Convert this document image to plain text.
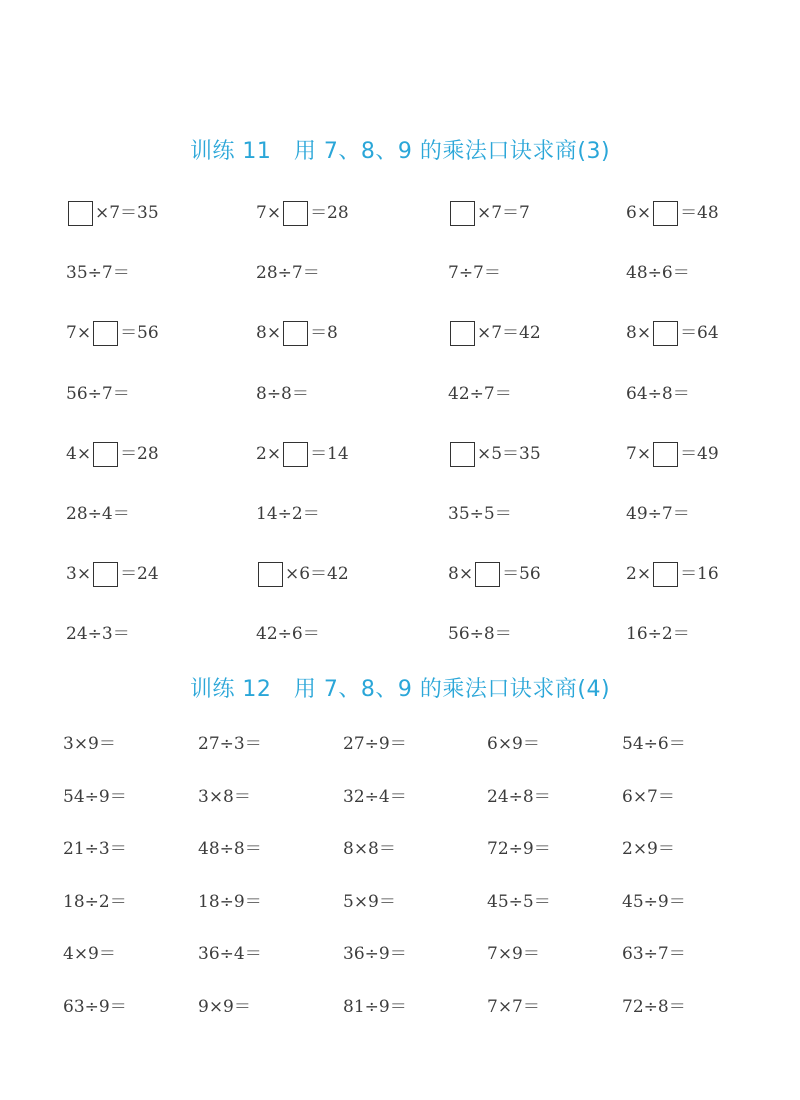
训练 11   用 7、8、9 的乘法口诀求商(3)
×7＝35	7× ＝28	×7＝7	6× ＝48
35÷7＝	28÷7＝	7÷7＝	48÷6＝
7× ＝56	8× ＝8	×7＝42	8× ＝64
56÷7＝	8÷8＝	42÷7＝	64÷8＝
4× ＝28	2× ＝14	×5＝35	7× ＝49
28÷4＝	14÷2＝	35÷5＝	49÷7＝
3× ＝24	×6＝42	8× ＝56	2× ＝16
24÷3＝	42÷6＝	56÷8＝	16÷2＝
训练 12   用 7、8、9 的乘法口诀求商(4)
3×9＝	27÷3＝	27÷9＝	6×9＝	54÷6＝
54÷9＝	3×8＝	32÷4＝	24÷8＝	6×7＝
21÷3＝	48÷8＝	8×8＝	72÷9＝	2×9＝
18÷2＝	18÷9＝	5×9＝	45÷5＝	45÷9＝
4×9＝	36÷4＝	36÷9＝	7×9＝	63÷7＝
63÷9＝	9×9＝	81÷9＝	7×7＝	72÷8＝
